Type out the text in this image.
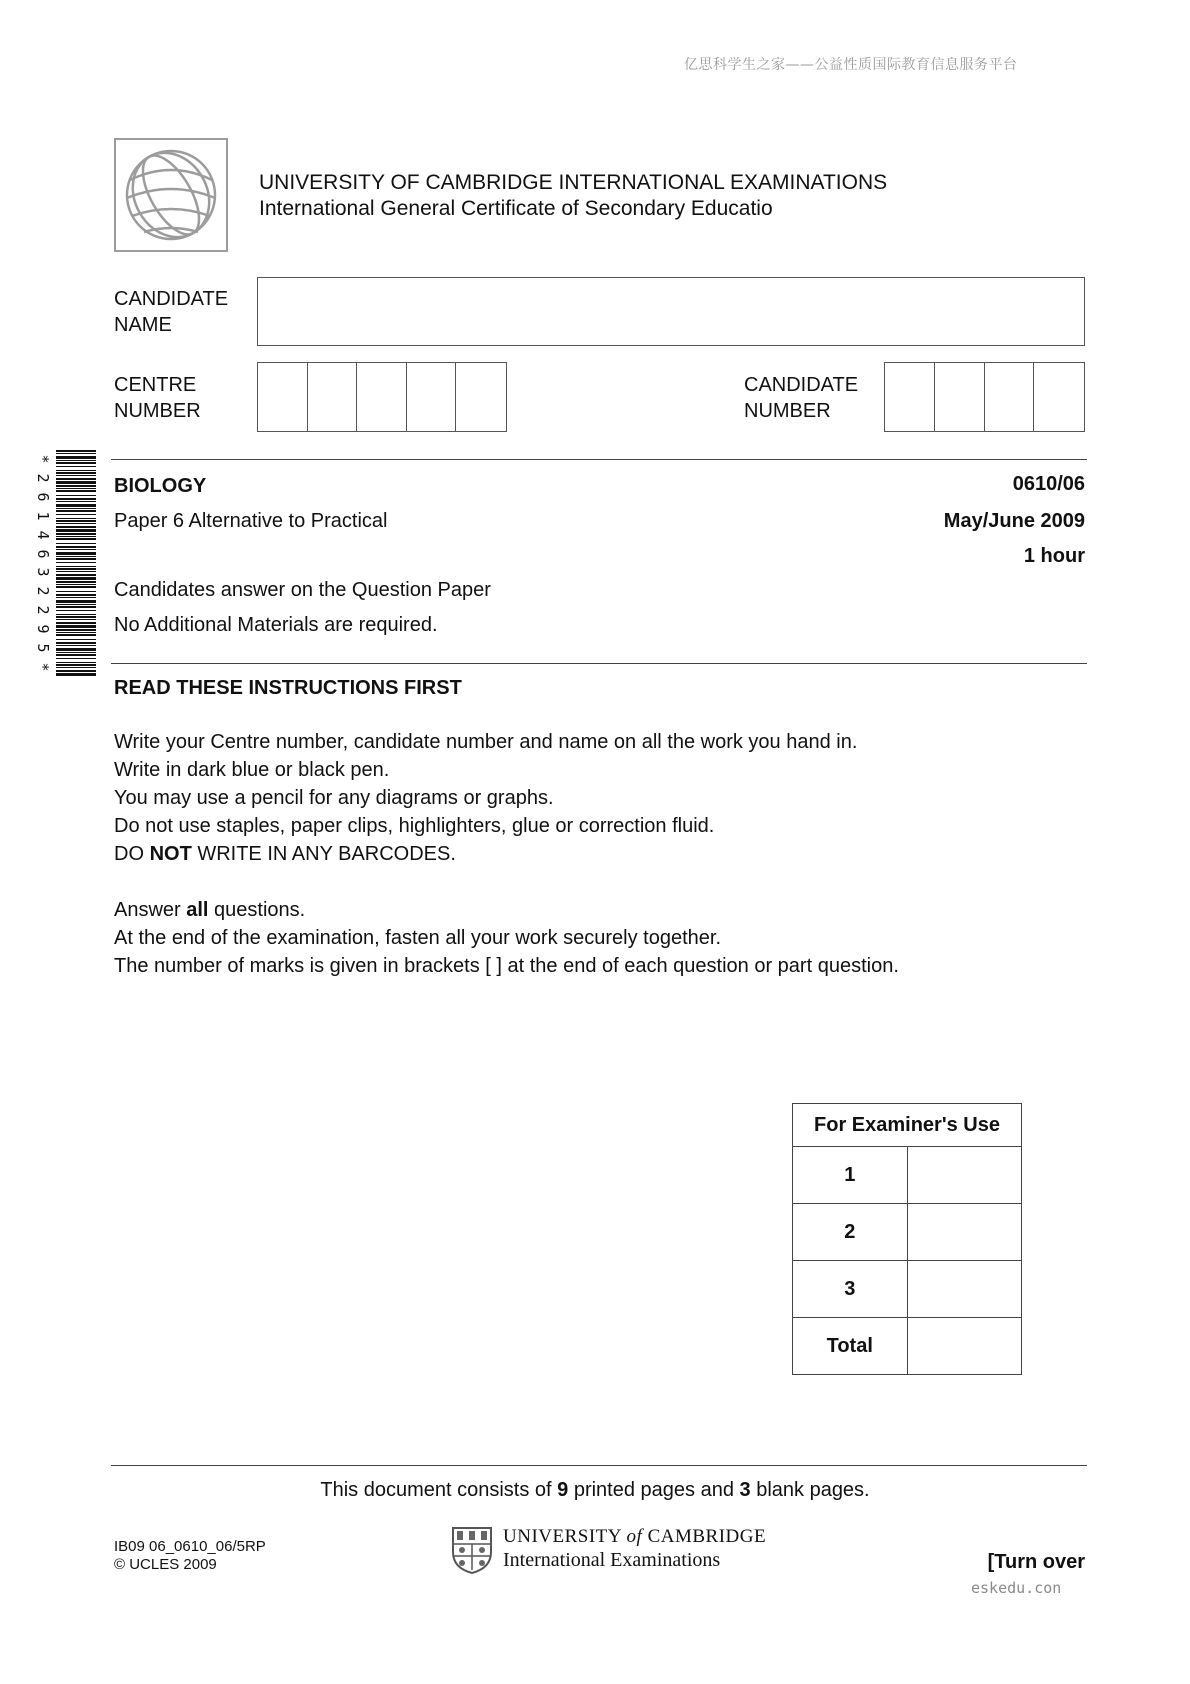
亿思科学生之家——公益性质国际教育信息服务平台
UNIVERSITY OF CAMBRIDGE INTERNATIONAL EXAMINATIONS
International General Certificate of Secondary Educatio
CANDIDATE
NAME
CENTRE
NUMBER
CANDIDATE
NUMBER
*
2
6
1
4
6
3
2
2
9
5
*
BIOLOGY	0610/06
Paper 6 Alternative to Practical	May/June 2009
1 hour
Candidates answer on the Question Paper
No Additional Materials are required.
READ THESE INSTRUCTIONS FIRST

Write your Centre number, candidate number and name on all the work you hand in.

Write in dark blue or black pen.

You may use a pencil for any diagrams or graphs.

Do not use staples, paper clips, highlighters, glue or correction fluid.

DO NOT WRITE IN ANY BARCODES.

Answer all questions.

At the end of the examination, fasten all your work securely together.

The number of marks is given in brackets [ ] at the end of each question or part question.

For Examiner's Use	
1	
2	
3	
Total	
This document consists of 9 printed pages and 3 blank pages.
IB09 06_0610_06/5RP
© UCLES 2009
UNIVERSITY of CAMBRIDGE
International Examinations	[Turn over
eskedu.con
